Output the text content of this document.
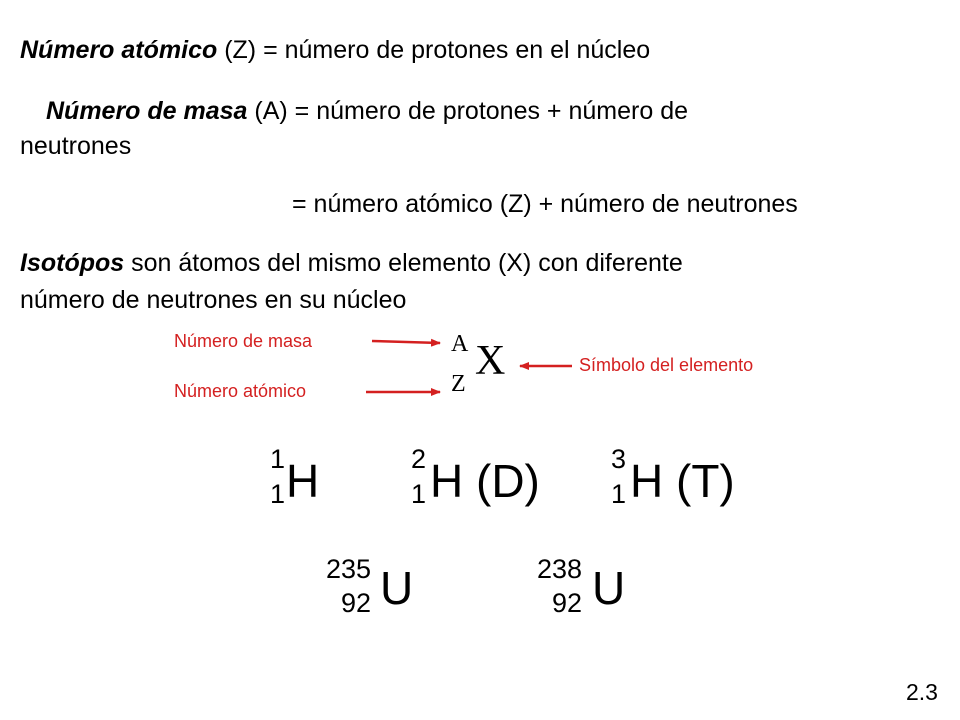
Número atómico (Z) = número de protones en el núcleo
Número de masa (A) = número de protones + número de
neutrones
= número atómico (Z) + número de neutrones
Isotópos son átomos del mismo elemento (X) con diferente
número de neutrones en su núcleo
Número de masa
Número atómico
Símbolo del elemento
A
Z X
1
1 H	2
1 H (D)	3
1 H (T)
235
92 U	238
92 U
2.3
